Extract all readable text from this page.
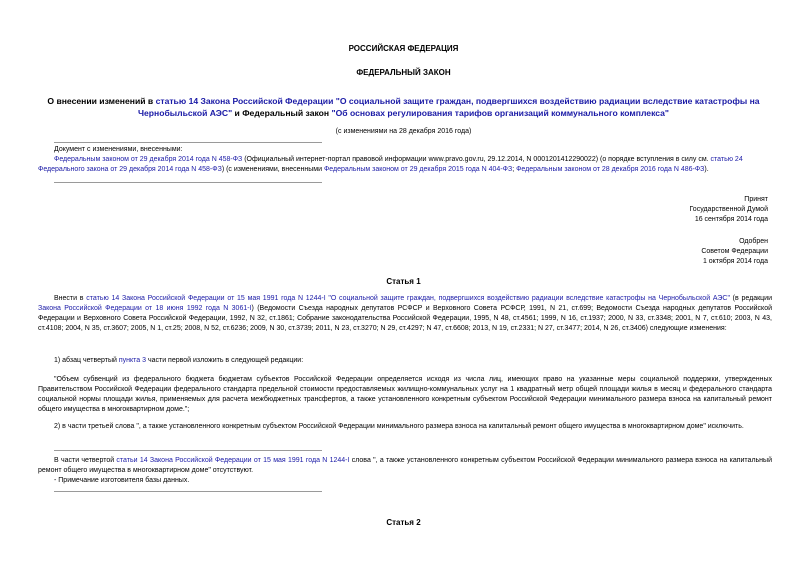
РОССИЙСКАЯ ФЕДЕРАЦИЯ
ФЕДЕРАЛЬНЫЙ ЗАКОН
О внесении изменений в статью 14 Закона Российской Федерации "О социальной защите граждан, подвергшихся воздействию радиации вследствие катастрофы на Чернобыльской АЭС" и Федеральный закон "Об основах регулирования тарифов организаций коммунального комплекса"
(с изменениями на 28 декабря 2016 года)
Документ с изменениями, внесенными:
Федеральным законом от 29 декабря 2014 года N 458-ФЗ (Официальный интернет-портал правовой информации www.pravo.gov.ru, 29.12.2014, N 0001201412290022) (о порядке вступления в силу см. статью 24 Федерального закона от 29 декабря 2014 года N 458-ФЗ) (с изменениями, внесенными Федеральным законом от 29 декабря 2015 года N 404-ФЗ; Федеральным законом от 28 декабря 2016 года N 486-ФЗ).
Принят
Государственной Думой
16 сентября 2014 года
Одобрен
Советом Федерации
1 октября 2014 года
Статья 1

Внести в статью 14 Закона Российской Федерации от 15 мая 1991 года N 1244-I "О социальной защите граждан, подвергшихся воздействию радиации вследствие катастрофы на Чернобыльской АЭС" (в редакции Закона Российской Федерации от 18 июня 1992 года N 3061-I) (Ведомости Съезда народных депутатов РСФСР и Верховного Совета РСФСР, 1991, N 21, ст.699; Ведомости Съезда народных депутатов Российской Федерации и Верховного Совета Российской Федерации, 1992, N 32, ст.1861; Собрание законодательства Российской Федерации, 1995, N 48, ст.4561; 1999, N 16, ст.1937; 2000, N 33, ст.3348; 2001, N 7, ст.610; 2003, N 43, ст.4108; 2004, N 35, ст.3607; 2005, N 1, ст.25; 2008, N 52, ст.6236; 2009, N 30, ст.3739; 2011, N 23, ст.3270; N 29, ст.4297; N 47, ст.6608; 2013, N 19, ст.2331; N 27, ст.3477; 2014, N 26, ст.3406) следующие изменения:

1) абзац четвертый пункта 3 части первой изложить в следующей редакции:

"Объем субвенций из федерального бюджета бюджетам субъектов Российской Федерации определяется исходя из числа лиц, имеющих право на указанные меры социальной поддержки, утвержденных Правительством Российской Федерации федерального стандарта предельной стоимости предоставляемых жилищно-коммунальных услуг на 1 квадратный метр общей площади жилья в месяц и федерального стандарта социальной нормы площади жилья, применяемых для расчета межбюджетных трансфертов, а также установленного конкретным субъектом Российской Федерации минимального размера взноса на капитальный ремонт общего имущества в многоквартирном доме.";

2) в части третьей слова ", а также установленного конкретным субъектом Российской Федерации минимального размера взноса на капитальный ремонт общего имущества в многоквартирном доме" исключить.

В части четвертой статьи 14 Закона Российской Федерации от 15 мая 1991 года N 1244-I слова ", а также установленного конкретным субъектом Российской Федерации минимального размера взноса на капитальный ремонт общего имущества в многоквартирном доме" отсутствуют.

- Примечание изготовителя базы данных.
Статья 2
